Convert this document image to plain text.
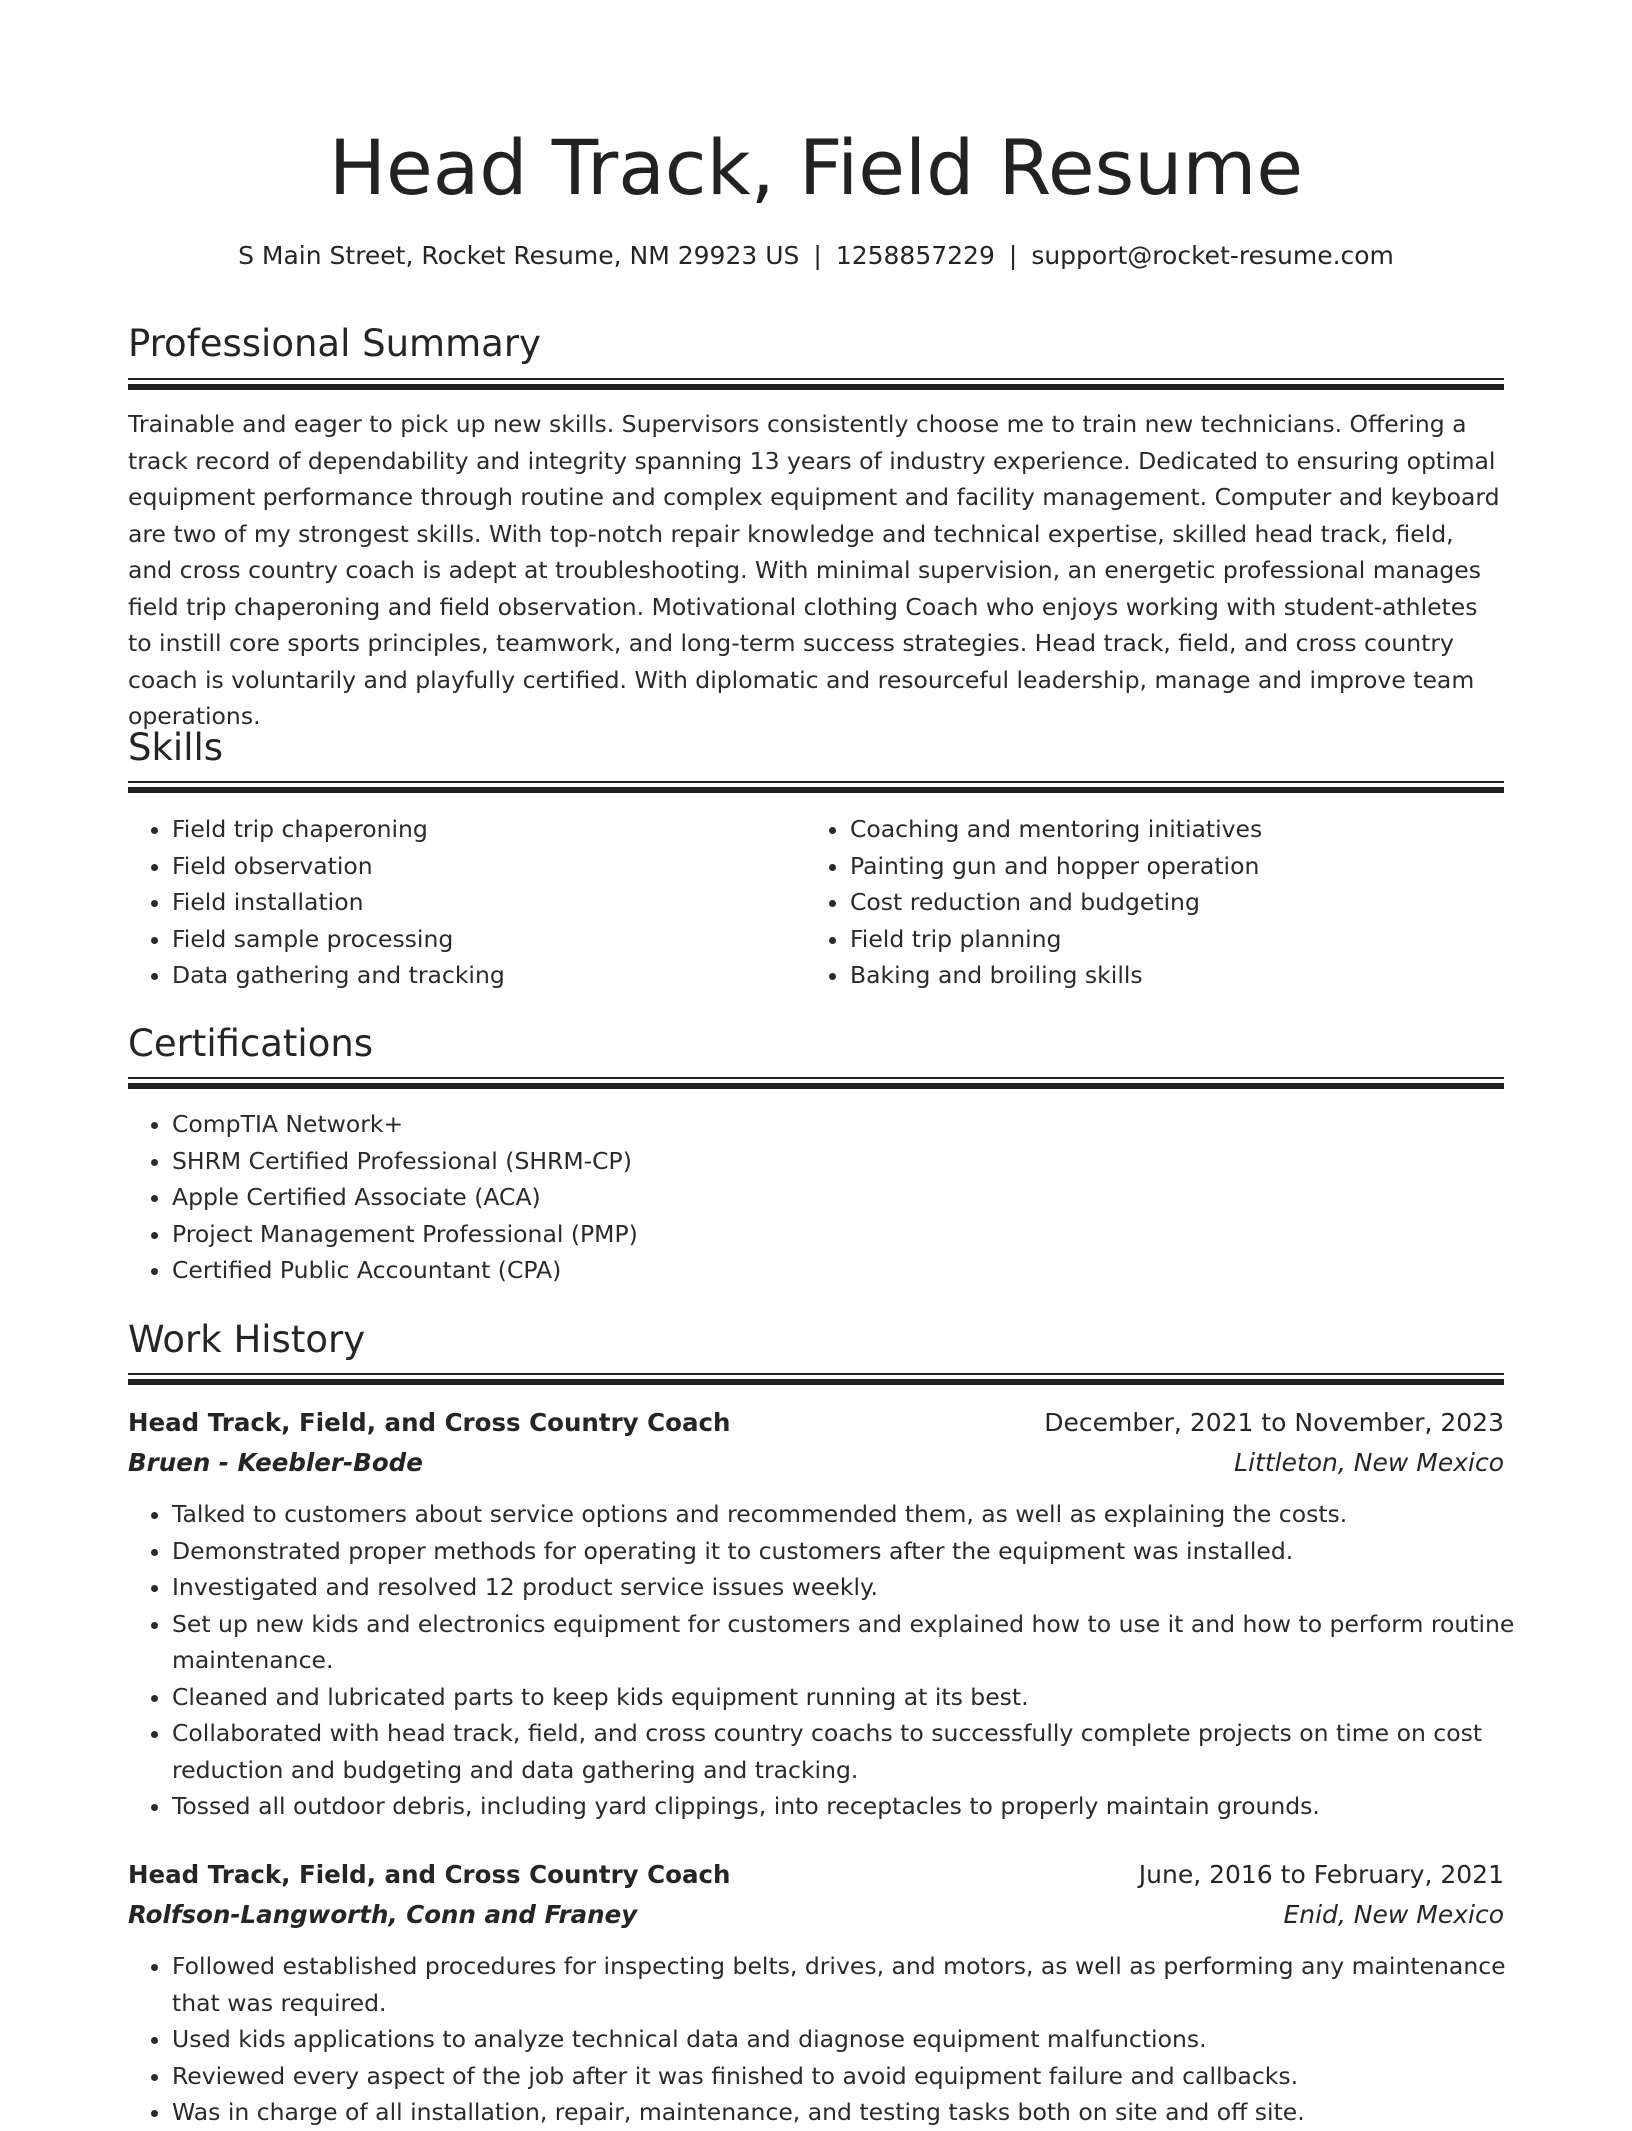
Head Track, Field Resume
S Main Street, Rocket Resume, NM 29923 US | 1258857229 | support@rocket-resume.com
Professional Summary
Trainable and eager to pick up new skills. Supervisors consistently choose me to train new technicians. Offering a track record of dependability and integrity spanning 13 years of industry experience. Dedicated to ensuring optimal equipment performance through routine and complex equipment and facility management. Computer and keyboard are two of my strongest skills. With top-notch repair knowledge and technical expertise, skilled head track, field, and cross country coach is adept at troubleshooting. With minimal supervision, an energetic professional manages field trip chaperoning and field observation. Motivational clothing Coach who enjoys working with student-athletes to instill core sports principles, teamwork, and long-term success strategies. Head track, field, and cross country coach is voluntarily and playfully certified. With diplomatic and resourceful leadership, manage and improve team operations.
Skills
• Field trip chaperoning
• Field observation
• Field installation
• Field sample processing
• Data gathering and tracking
• Coaching and mentoring initiatives
• Painting gun and hopper operation
• Cost reduction and budgeting
• Field trip planning
• Baking and broiling skills
Certifications
• CompTIA Network+
• SHRM Certified Professional (SHRM-CP)
• Apple Certified Associate (ACA)
• Project Management Professional (PMP)
• Certified Public Accountant (CPA)
Work History
Head Track, Field, and Cross Country Coach	December, 2021 to November, 2023
Bruen - Keebler-Bode	Littleton, New Mexico
• Talked to customers about service options and recommended them, as well as explaining the costs.
• Demonstrated proper methods for operating it to customers after the equipment was installed.
• Investigated and resolved 12 product service issues weekly.
• Set up new kids and electronics equipment for customers and explained how to use it and how to perform routine maintenance.
• Cleaned and lubricated parts to keep kids equipment running at its best.
• Collaborated with head track, field, and cross country coachs to successfully complete projects on time on cost reduction and budgeting and data gathering and tracking.
• Tossed all outdoor debris, including yard clippings, into receptacles to properly maintain grounds.
Head Track, Field, and Cross Country Coach	June, 2016 to February, 2021
Rolfson-Langworth, Conn and Franey	Enid, New Mexico
• Followed established procedures for inspecting belts, drives, and motors, as well as performing any maintenance that was required.
• Used kids applications to analyze technical data and diagnose equipment malfunctions.
• Reviewed every aspect of the job after it was finished to avoid equipment failure and callbacks.
• Was in charge of all installation, repair, maintenance, and testing tasks both on site and off site.
